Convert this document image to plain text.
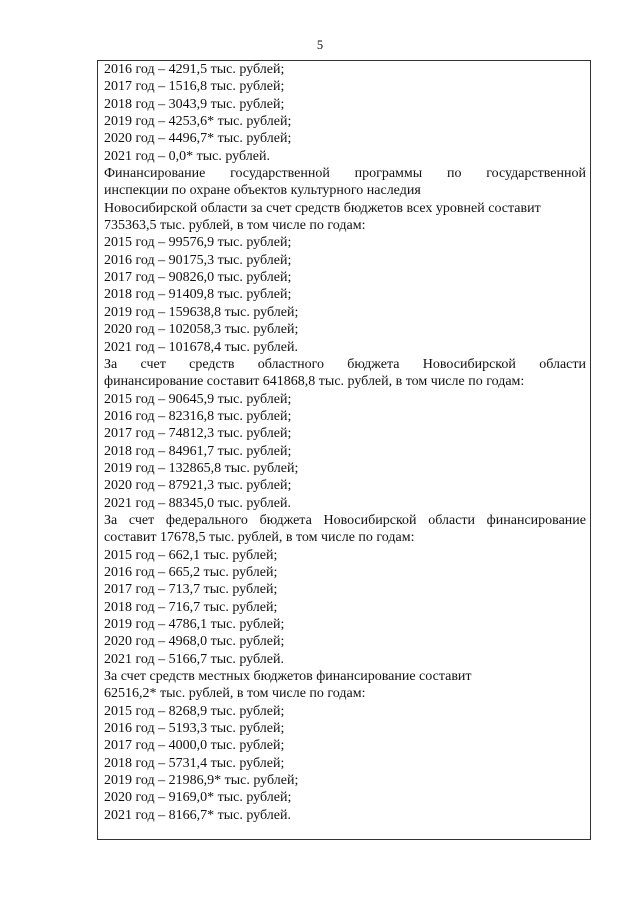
5
2016 год – 4291,5 тыс. рублей;
2017 год – 1516,8 тыс. рублей;
2018 год – 3043,9 тыс. рублей;
2019 год – 4253,6* тыс. рублей;
2020 год – 4496,7* тыс. рублей;
2021 год – 0,0* тыс. рублей.
Финансирование государственной программы по государственной
инспекции по охране объектов культурного наследия
Новосибирской области за счет средств бюджетов всех уровней составит
735363,5 тыс. рублей, в том числе по годам:
2015 год – 99576,9 тыс. рублей;
2016 год – 90175,3 тыс. рублей;
2017 год – 90826,0 тыс. рублей;
2018 год – 91409,8 тыс. рублей;
2019 год – 159638,8 тыс. рублей;
2020 год – 102058,3 тыс. рублей;
2021 год – 101678,4 тыс. рублей.
За счет средств областного бюджета Новосибирской области
финансирование составит 641868,8 тыс. рублей, в том числе по годам:
2015 год – 90645,9 тыс. рублей;
2016 год – 82316,8 тыс. рублей;
2017 год – 74812,3 тыс. рублей;
2018 год – 84961,7 тыс. рублей;
2019 год – 132865,8 тыс. рублей;
2020 год – 87921,3 тыс. рублей;
2021 год – 88345,0 тыс. рублей.
За счет федерального бюджета Новосибирской области финансирование
составит 17678,5 тыс. рублей, в том числе по годам:
2015 год – 662,1 тыс. рублей;
2016 год – 665,2 тыс. рублей;
2017 год – 713,7 тыс. рублей;
2018 год – 716,7 тыс. рублей;
2019 год – 4786,1 тыс. рублей;
2020 год – 4968,0 тыс. рублей;
2021 год – 5166,7 тыс. рублей.
За счет средств местных бюджетов финансирование составит
62516,2* тыс. рублей, в том числе по годам:
2015 год – 8268,9 тыс. рублей;
2016 год – 5193,3 тыс. рублей;
2017 год – 4000,0 тыс. рублей;
2018 год – 5731,4 тыс. рублей;
2019 год – 21986,9* тыс. рублей;
2020 год – 9169,0* тыс. рублей;
2021 год – 8166,7* тыс. рублей.
